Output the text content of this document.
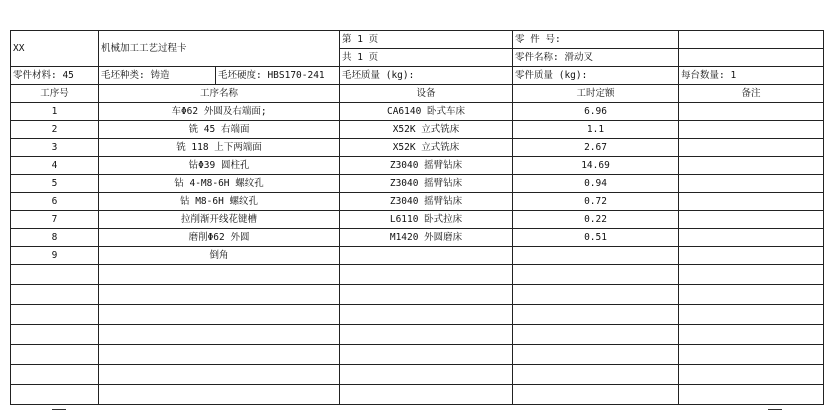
XX	机械加工工艺过程卡		第 1 页	零 件 号:	
			共 1 页	零件名称: 滑动叉	
零件材料: 45	毛坯种类: 铸造	毛坯硬度: HBS170-241	毛坯质量 (kg):	零件质量 (kg):	每台数量: 1
工序号	工序名称		设备	工时定额	备注
1	车Φ62 外圆及右端面;		CA6140 卧式车床	6.96	
2	铣 45 右端面		X52K 立式铣床	1.1	
3	铣 118 上下两端面		X52K 立式铣床	2.67	
4	钻Φ39 圆柱孔		Z3040 摇臂钻床	14.69	
5	钻 4-M8-6H 螺纹孔		Z3040 摇臂钻床	0.94	
6	钻 M8-6H 螺纹孔		Z3040 摇臂钻床	0.72	
7	拉削渐开线花键槽		L6110 卧式拉床	0.22	
8	磨削Φ62 外圆		M1420 外圆磨床	0.51	
9	倒角				
